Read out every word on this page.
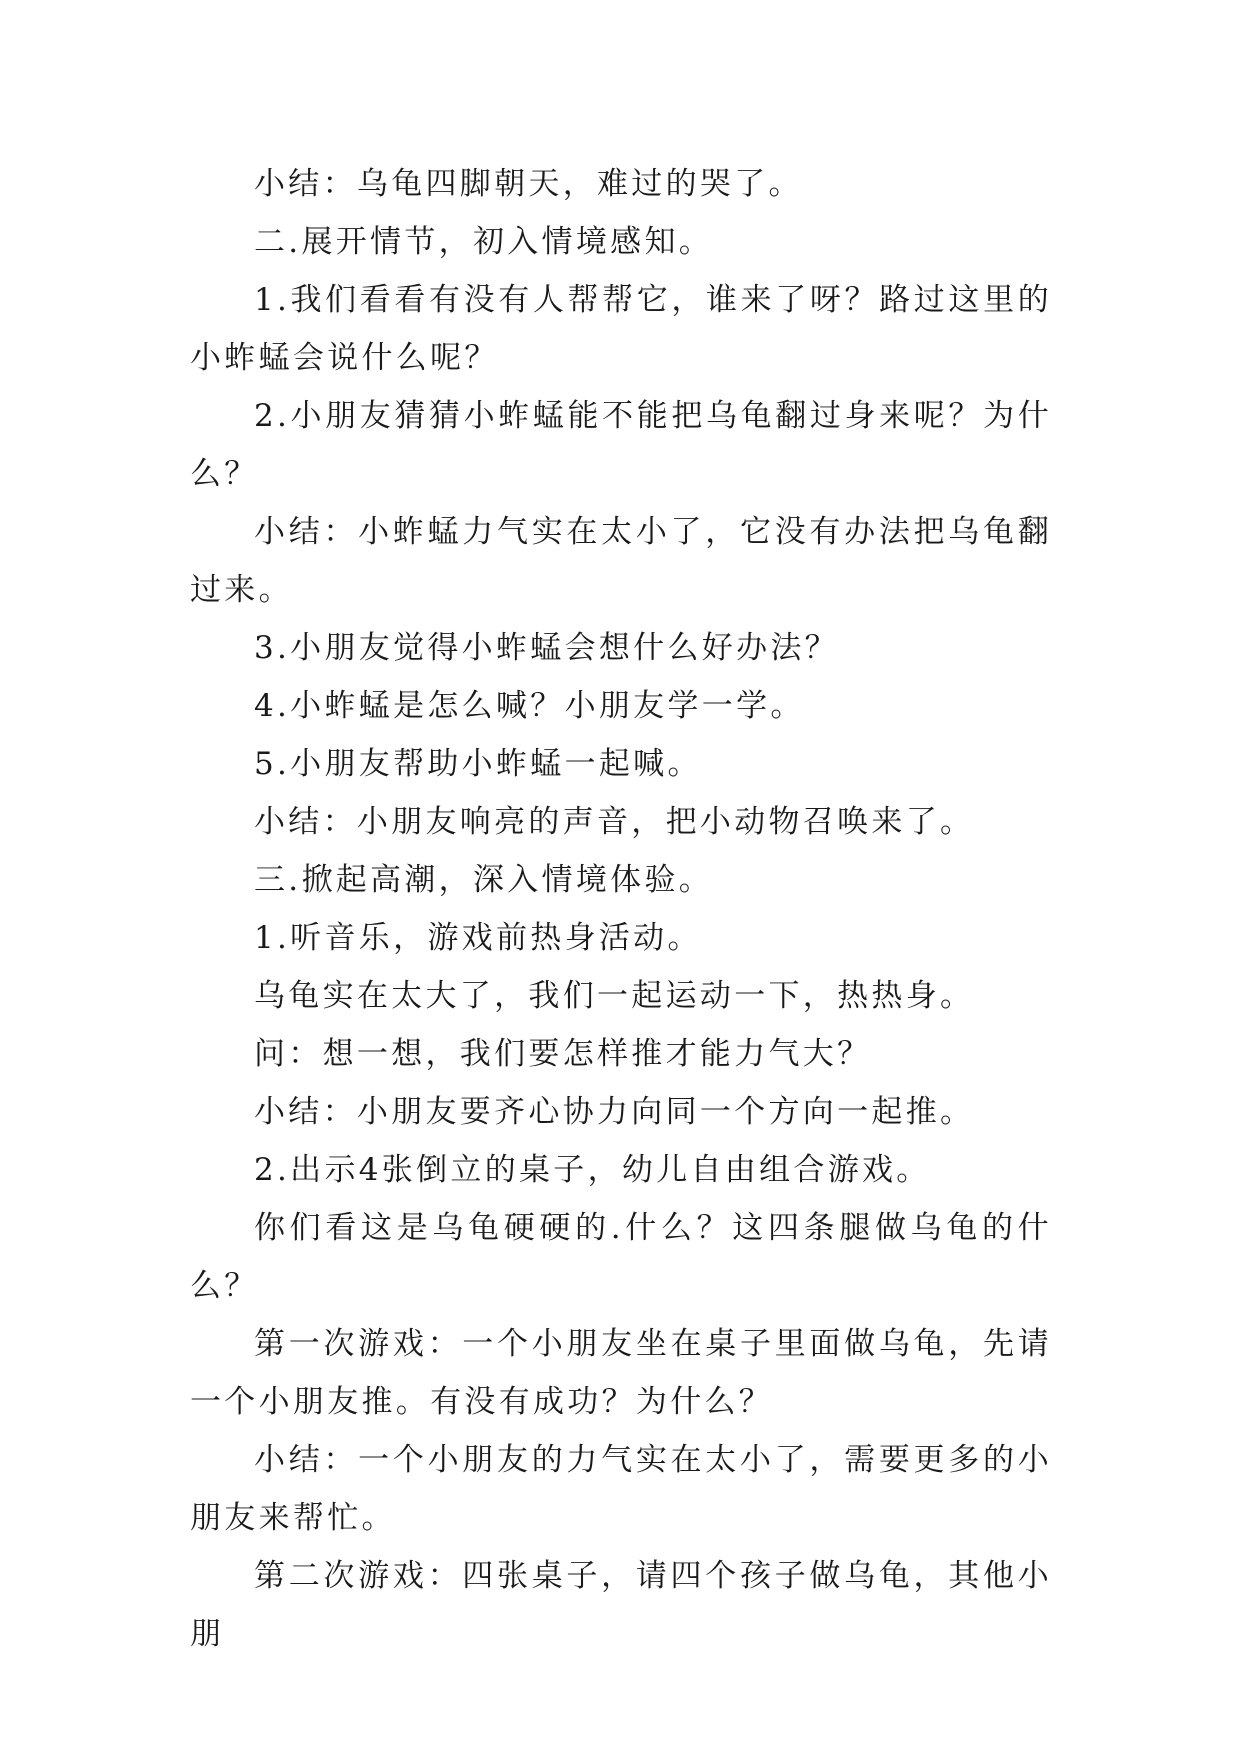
小结：乌龟四脚朝天，难过的哭了。

二.展开情节，初入情境感知。

1.我们看看有没有人帮帮它，谁来了呀？路过这里的小蚱蜢会说什么呢？

2.小朋友猜猜小蚱蜢能不能把乌龟翻过身来呢？为什么？

小结：小蚱蜢力气实在太小了，它没有办法把乌龟翻过来。

3.小朋友觉得小蚱蜢会想什么好办法？

4.小蚱蜢是怎么喊？小朋友学一学。

5.小朋友帮助小蚱蜢一起喊。

小结：小朋友响亮的声音，把小动物召唤来了。

三.掀起高潮，深入情境体验。

1.听音乐，游戏前热身活动。

乌龟实在太大了，我们一起运动一下，热热身。

问：想一想，我们要怎样推才能力气大？

小结：小朋友要齐心协力向同一个方向一起推。

2.出示4张倒立的桌子，幼儿自由组合游戏。

你们看这是乌龟硬硬的.什么？这四条腿做乌龟的什么？

第一次游戏：一个小朋友坐在桌子里面做乌龟，先请一个小朋友推。有没有成功？为什么？

小结：一个小朋友的力气实在太小了，需要更多的小朋友来帮忙。

第二次游戏：四张桌子，请四个孩子做乌龟，其他小朋
